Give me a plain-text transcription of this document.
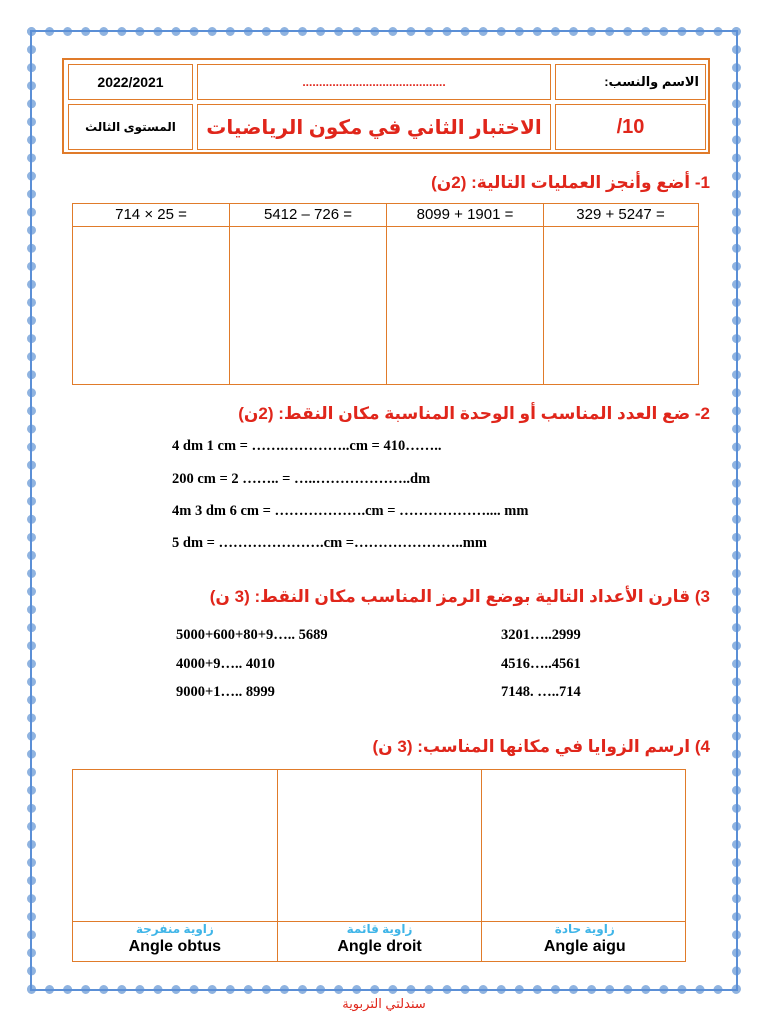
2022/2021	...........................................	الاسم والنسب:
المستوى الثالث	الاختبار الثاني في مكون الرياضيات	/10
1- أضع وأنجز العمليات التالية: (2ن)
714 × 25 =	5412 – 726 =	8099 + 1901 =	329 + 5247 =
2- ضع العدد المناسب أو الوحدة المناسبة مكان النقط: (2ن)
4 dm 1 cm = …….…………..cm = 410……..
200 cm = 2 …….. = …..………………..dm
4m 3 dm 6 cm = ……………….cm = ……………….... mm
5 dm = ………………….cm =…………………..mm
3) قارن الأعداد التالية بوضع الرمز المناسب مكان النقط: (3 ن)
5000+600+80+9….. 5689
4000+9….. 4010
9000+1….. 8999
3201…..2999
4516…..4561
7148. …..714
4) ارسم الزوايا في مكانها المناسب: (3 ن)
زاوية منفرجة
Angle obtus
زاوية قائمة
Angle droit
زاوية حادة
Angle aigu
سندلتي التربوية
